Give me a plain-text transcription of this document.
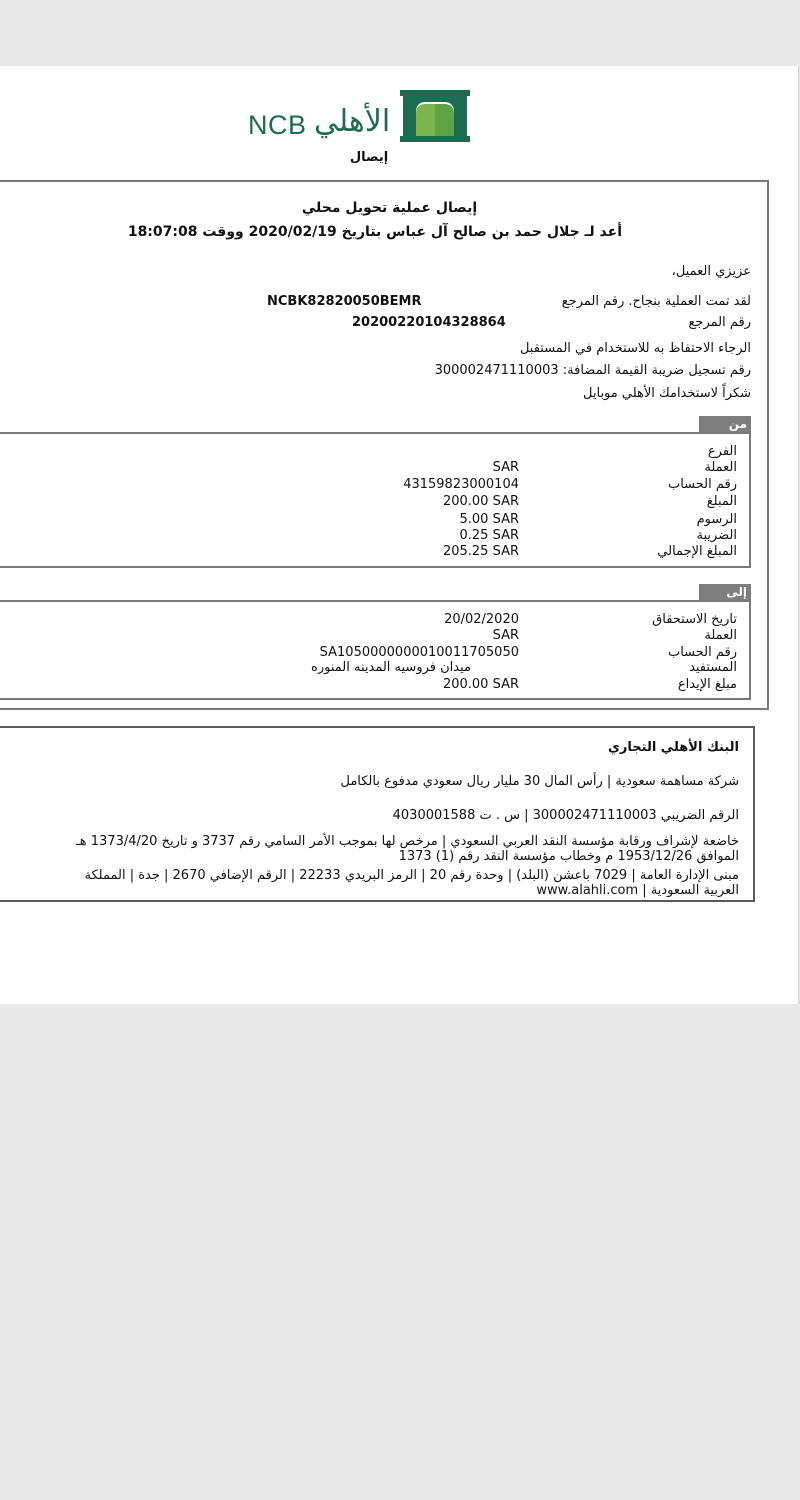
NCB الأهلي
إيصال
إيصال عملية تحويل محلي
أعد لـ جلال حمد بن صالح آل عباس بتاريخ 2020/02/19 ووقت 18:07:08
عزيزي العميل،
لقد تمت العملية بنجاح. رقم المرجع
NCBK82820050BEMR
رقم المرجع
2020022010432886​4
الرجاء الاحتفاظ به للاستخدام في المستقبل
رقم تسجيل ضريبة القيمة المضافة: 300002471110003
شكراً لاستخدامك الأهلي موبايل
من
الفرع
العملة
SAR
رقم الحساب
43159823000104
المبلغ
200.00 SAR
الرسوم
5.00 SAR
الضريبة
0.25 SAR
المبلغ الإجمالي
205.25 SAR
إلى
تاريخ الاستحقاق
20/02/2020
العملة
SAR
رقم الحساب
SA1050000000010011705050
المستفيد
ميدان فروسيه المدينه المنوره
مبلغ الإيداع
200.00 SAR
البنك الأهلي التجاري
شركة مساهمة سعودية | رأس المال 30 مليار ريال سعودي مدفوع بالكامل
الرقم الضريبي 300002471110003 | س . ت 4030001588
خاضعة لإشراف ورقابة مؤسسة النقد العربي السعودي | مرخص لها بموجب الأمر السامي رقم 3737 و تاريخ 1373/4/20 هـ
الموافق 1953/12/26 م وخطاب مؤسسة النقد رقم (1) 1373
مبنى الإدارة العامة | 7029 باعشن (البلد) | وحدة رقم 20 | الرمز البريدي 22233 | الرقم الإضافي 2670 | جدة | المملكة
العربية السعودية | www.alahli.com
